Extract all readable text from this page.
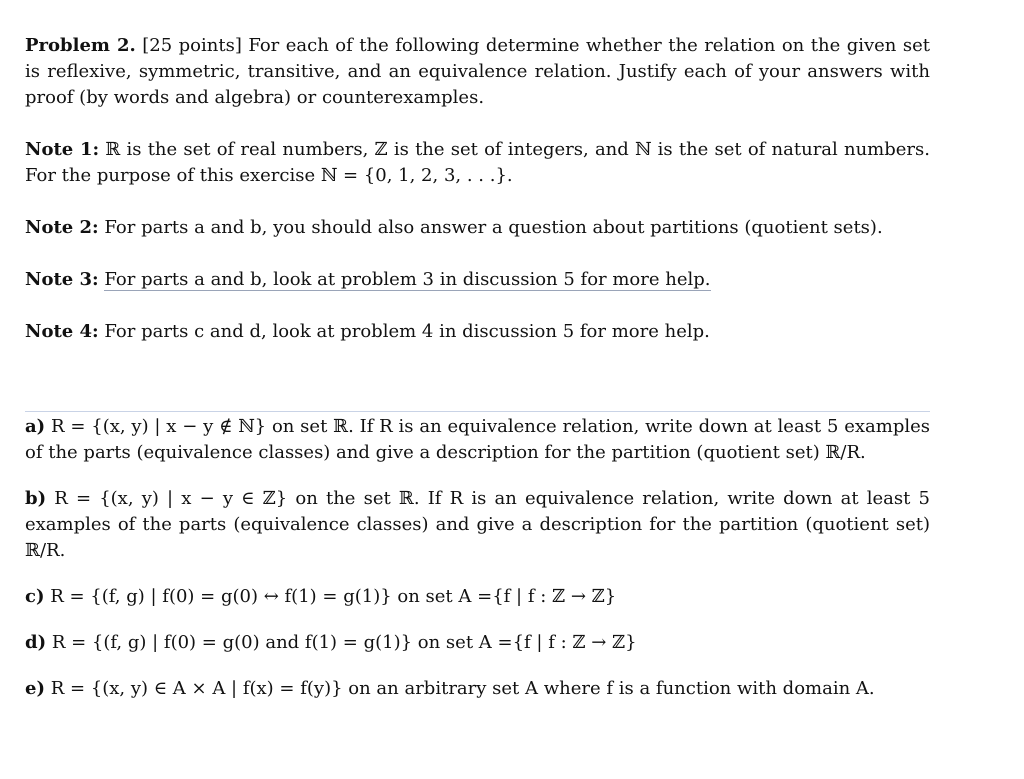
Problem 2. [25 points] For each of the following determine whether the relation on the given set is reflexive, symmetric, transitive, and an equivalence relation. Justify each of your answers with proof (by words and algebra) or counterexamples.

Note 1: ℝ is the set of real numbers, ℤ is the set of integers, and ℕ is the set of natural numbers. For the purpose of this exercise ℕ = {0, 1, 2, 3, . . .}.

Note 2: For parts a and b, you should also answer a question about partitions (quotient sets).

Note 3: For parts a and b, look at problem 3 in discussion 5 for more help.

Note 4: For parts c and d, look at problem 4 in discussion 5 for more help.

a) R = {(x, y) | x − y ∉ ℕ} on set ℝ. If R is an equivalence relation, write down at least 5 examples of the parts (equivalence classes) and give a description for the partition (quotient set) ℝ/R.

b) R = {(x, y) | x − y ∈ ℤ} on the set ℝ. If R is an equivalence relation, write down at least 5 examples of the parts (equivalence classes) and give a description for the partition (quotient set) ℝ/R.

c) R = {(f, g) | f(0) = g(0) ↔ f(1) = g(1)} on set A ={f | f : ℤ → ℤ}

d) R = {(f, g) | f(0) = g(0) and f(1) = g(1)} on set A ={f | f : ℤ → ℤ}

e) R = {(x, y) ∈ A × A | f(x) = f(y)} on an arbitrary set A where f is a function with domain A.
